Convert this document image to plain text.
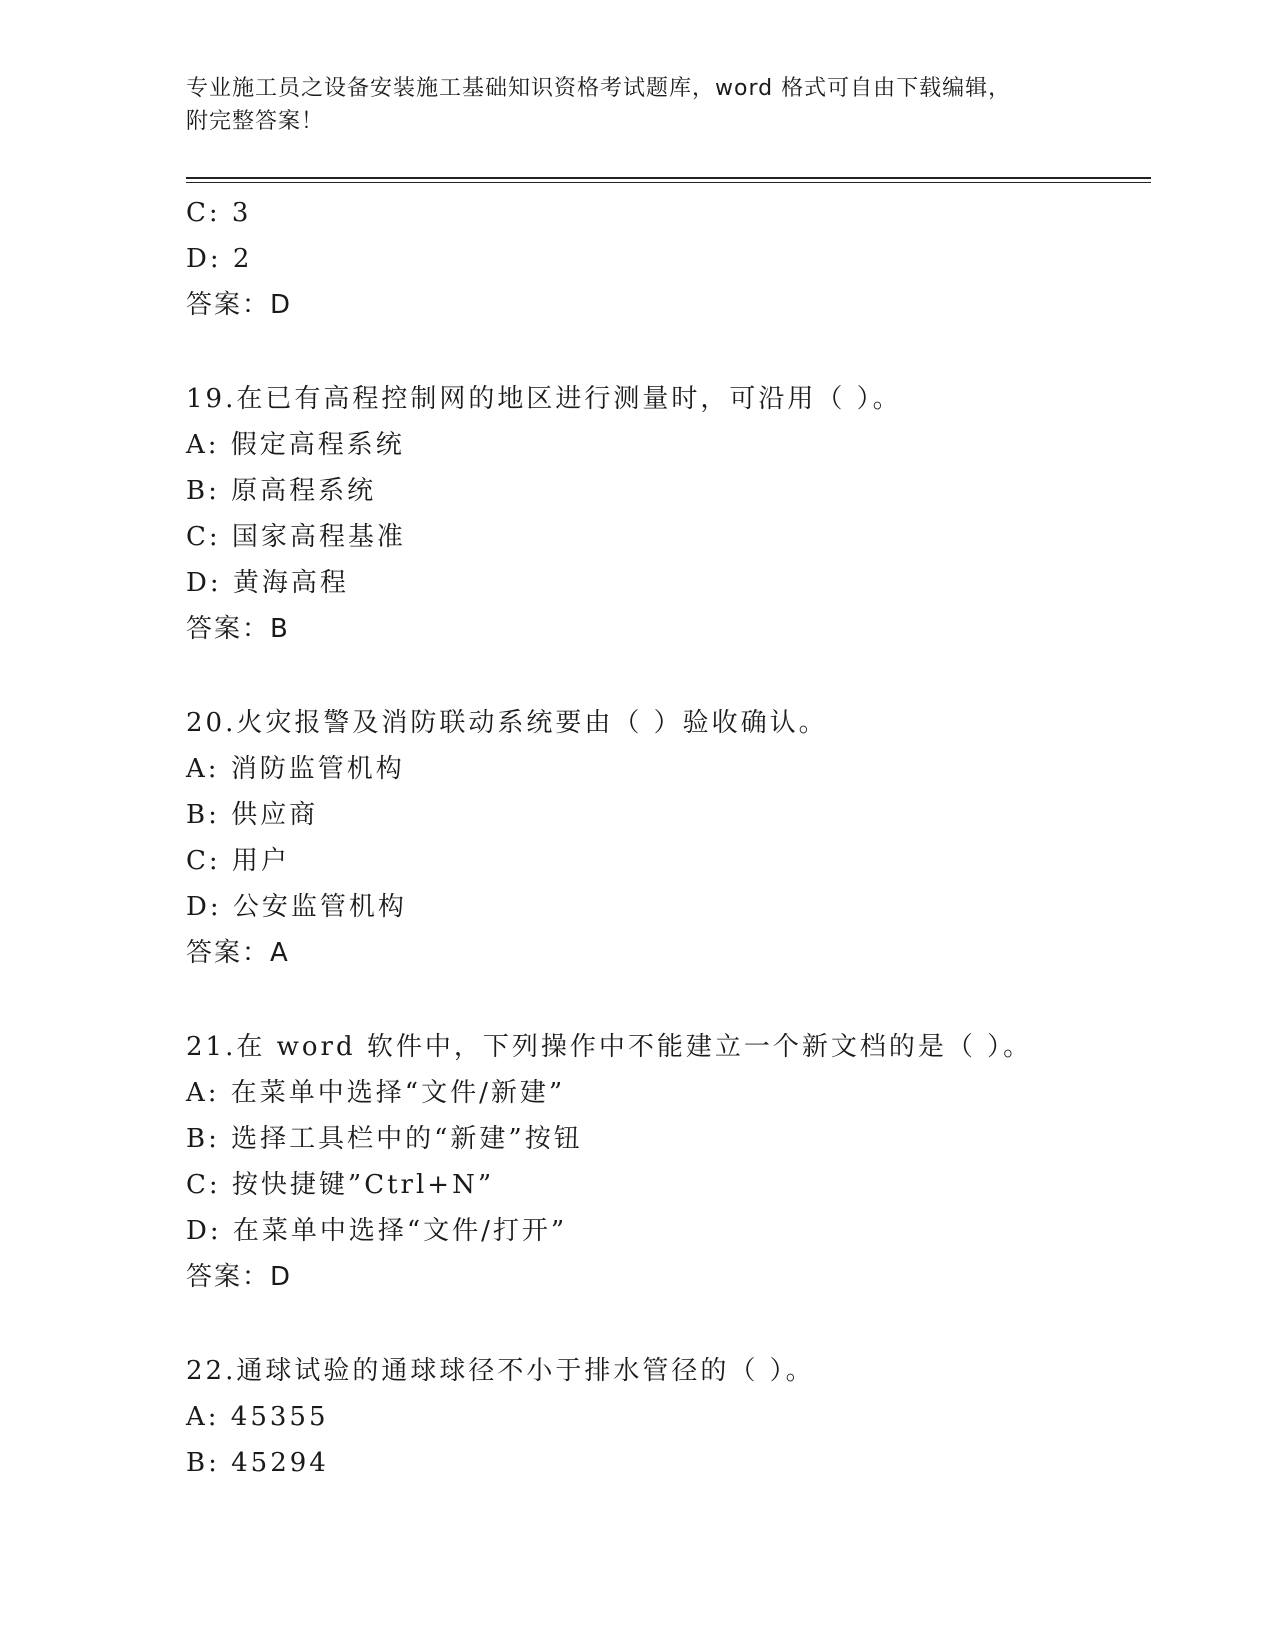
专业施工员之设备安装施工基础知识资格考试题库，word 格式可自由下载编辑，
附完整答案！
C: 3
D: 2
答案：D
19.在已有高程控制网的地区进行测量时，可沿用（ ）。
A: 假定高程系统
B: 原高程系统
C: 国家高程基准
D: 黄海高程
答案：B
20.火灾报警及消防联动系统要由（ ）验收确认。
A: 消防监管机构
B: 供应商
C: 用户
D: 公安监管机构
答案：A
21.在 word 软件中，下列操作中不能建立一个新文档的是（ ）。
A: 在菜单中选择“文件/新建”
B: 选择工具栏中的“新建”按钮
C: 按快捷键”Ctrl+N”
D: 在菜单中选择“文件/打开”
答案：D
22.通球试验的通球球径不小于排水管径的（ ）。
A: 45355
B: 45294
